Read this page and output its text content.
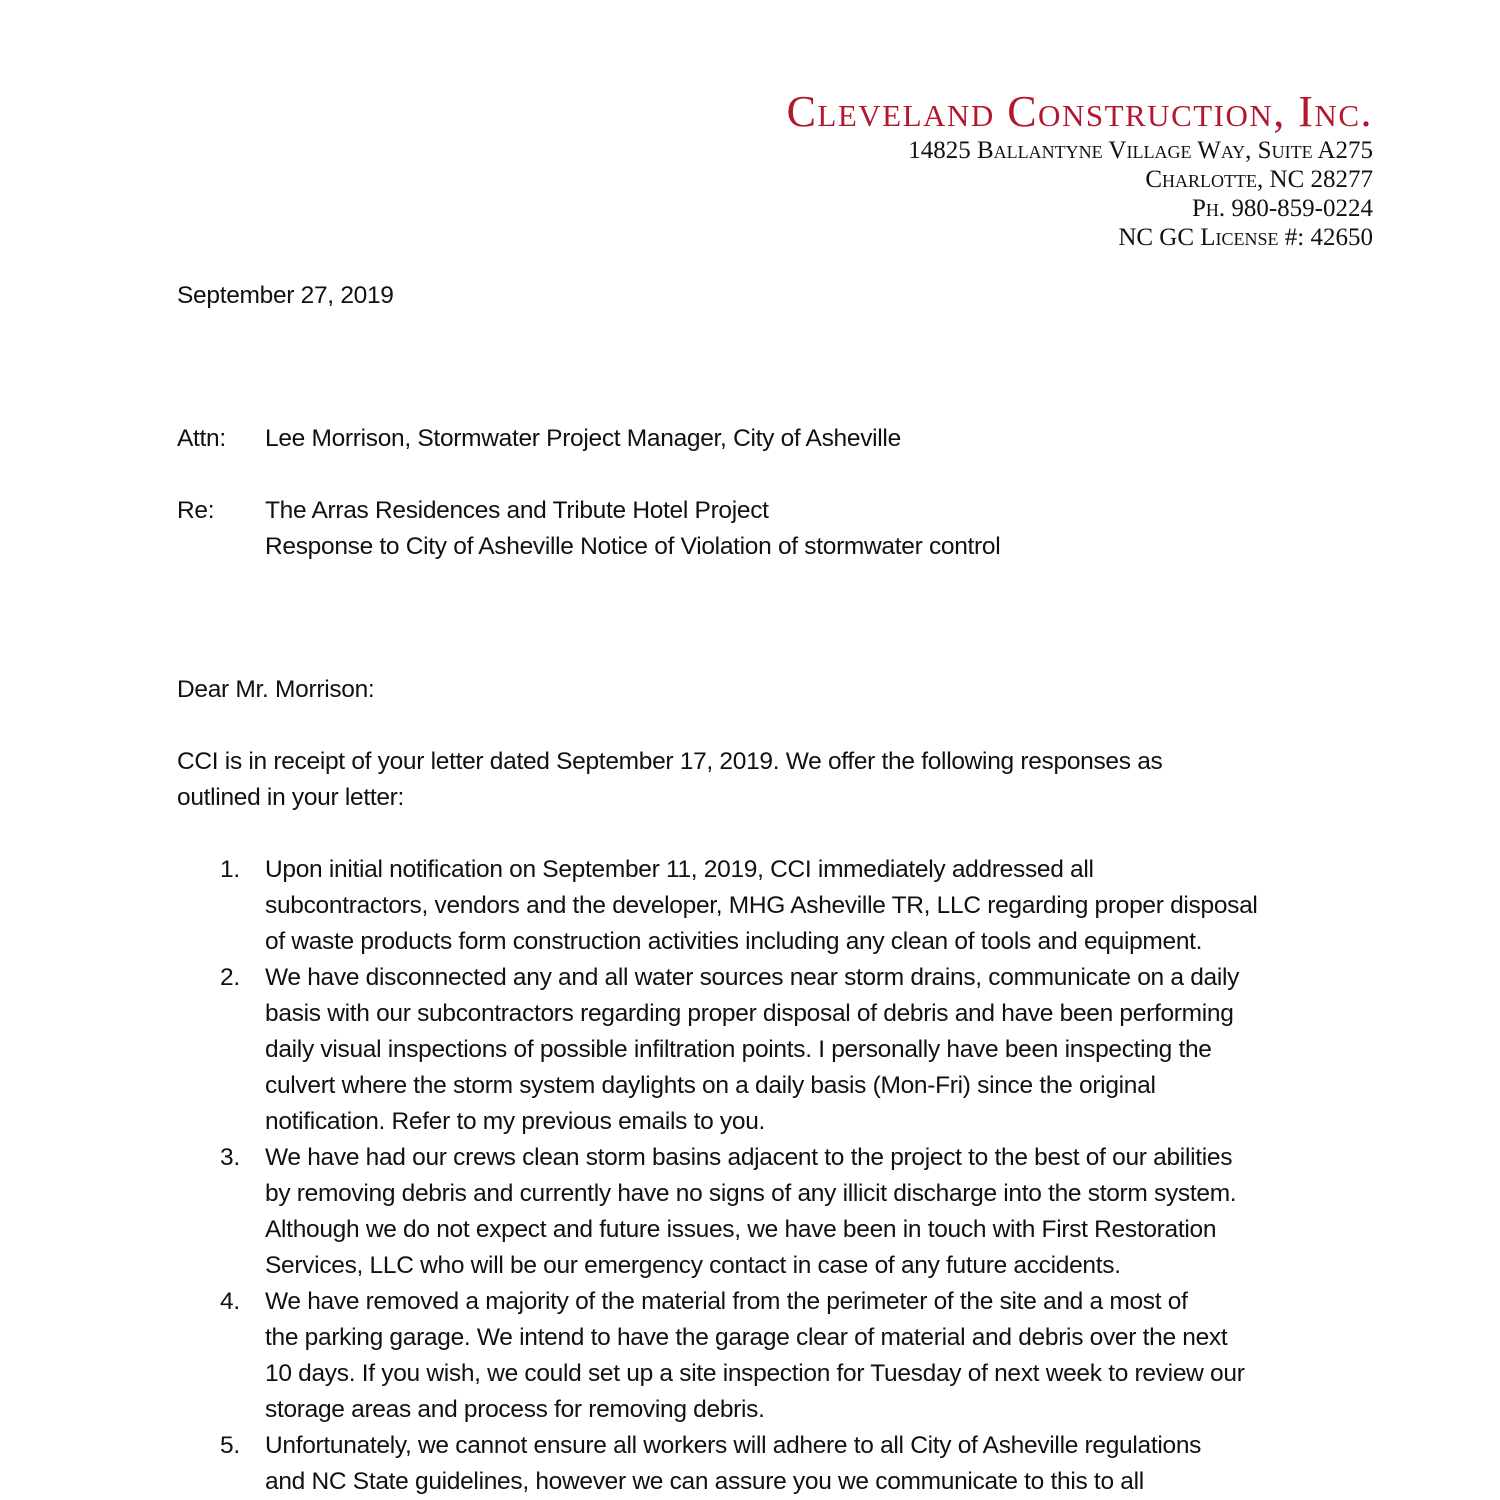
Cleveland Construction, Inc.
14825 Ballantyne Village Way, Suite A275
Charlotte, NC 28277
Ph. 980-859-0224
NC GC License #: 42650
September 27, 2019
Attn: Lee Morrison, Stormwater Project Manager, City of Asheville
Re: The Arras Residences and Tribute Hotel Project
Response to City of Asheville Notice of Violation of stormwater control
Dear Mr. Morrison:
CCI is in receipt of your letter dated September 17, 2019. We offer the following responses as
outlined in your letter:
1. Upon initial notification on September 11, 2019, CCI immediately addressed all
subcontractors, vendors and the developer, MHG Asheville TR, LLC regarding proper disposal
of waste products form construction activities including any clean of tools and equipment.
2. We have disconnected any and all water sources near storm drains, communicate on a daily
basis with our subcontractors regarding proper disposal of debris and have been performing
daily visual inspections of possible infiltration points. I personally have been inspecting the
culvert where the storm system daylights on a daily basis (Mon-Fri) since the original
notification. Refer to my previous emails to you.
3. We have had our crews clean storm basins adjacent to the project to the best of our abilities
by removing debris and currently have no signs of any illicit discharge into the storm system.
Although we do not expect and future issues, we have been in touch with First Restoration
Services, LLC who will be our emergency contact in case of any future accidents.
4. We have removed a majority of the material from the perimeter of the site and a most of
the parking garage. We intend to have the garage clear of material and debris over the next
10 days. If you wish, we could set up a site inspection for Tuesday of next week to review our
storage areas and process for removing debris.
5. Unfortunately, we cannot ensure all workers will adhere to all City of Asheville regulations
and NC State guidelines, however we can assure you we communicate to this to all
